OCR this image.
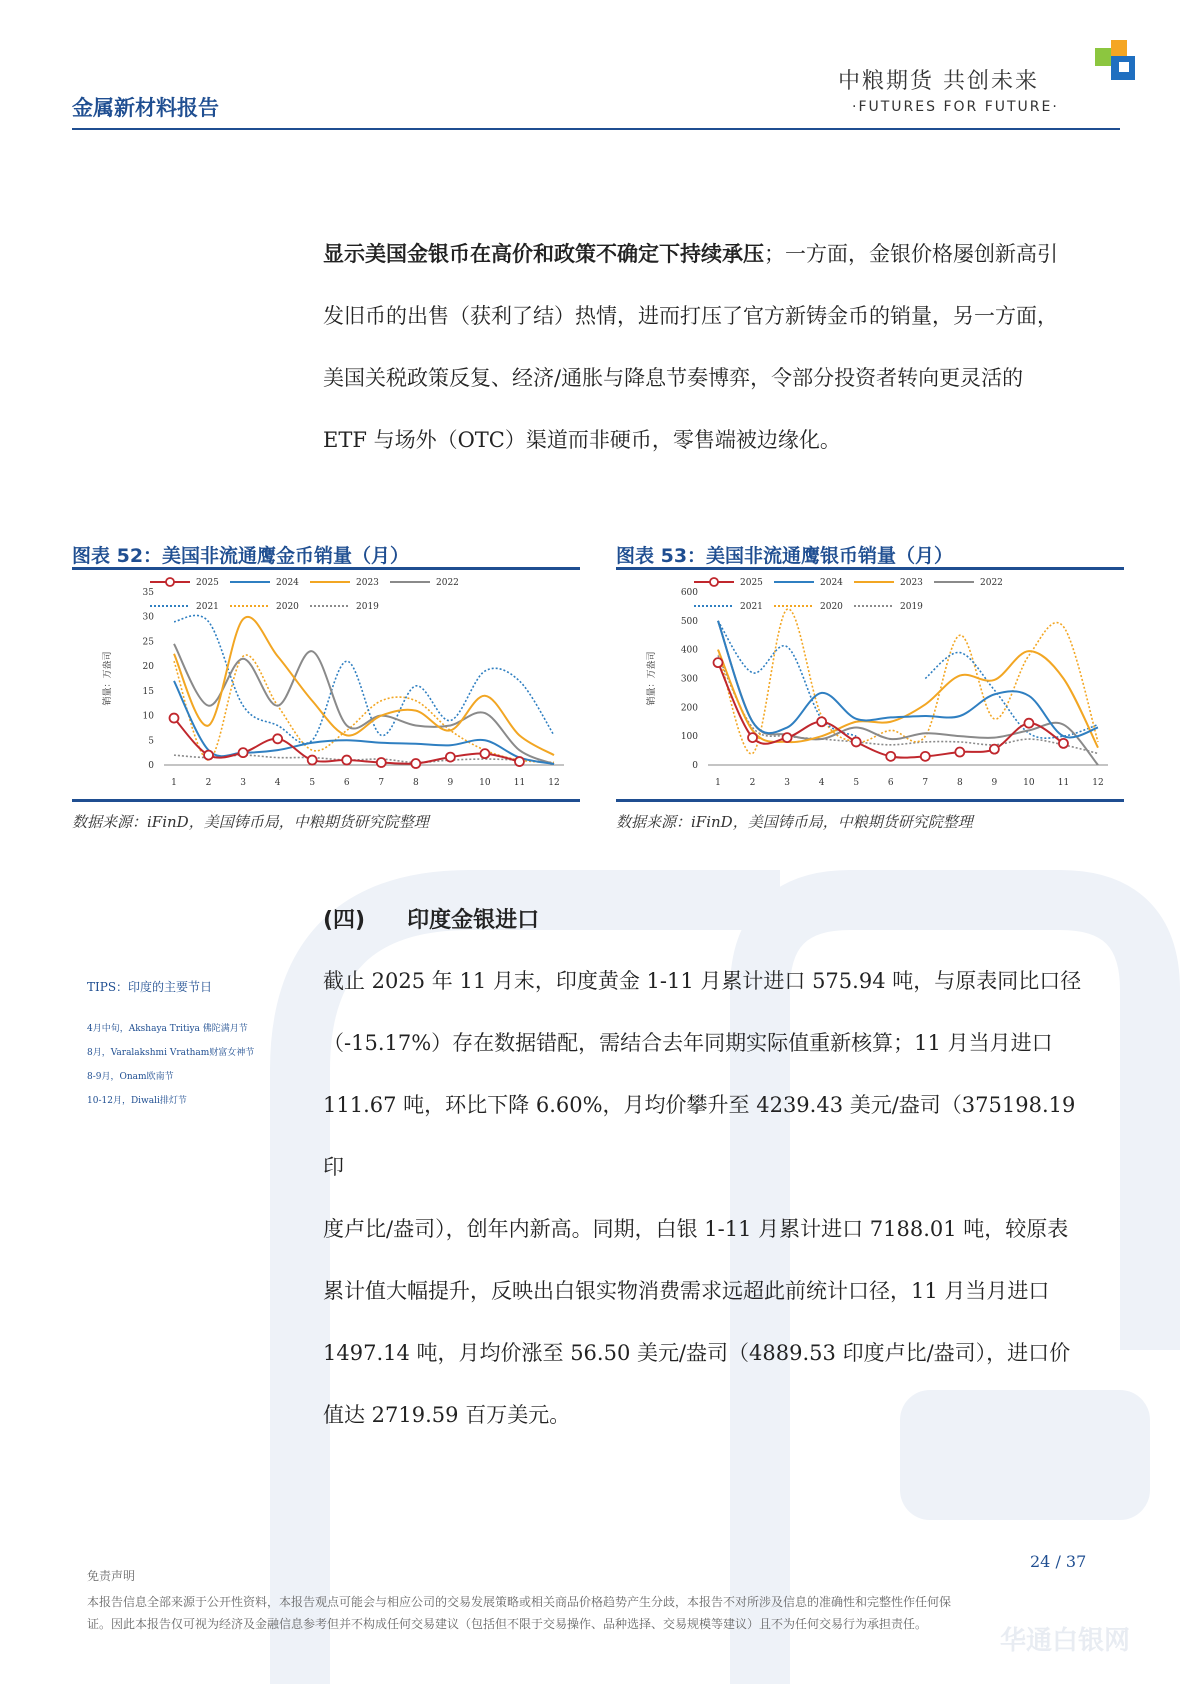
金属新材料报告
中粮期货 共创未来
·FUTURES FOR FUTURE·

显示美国金银币在高价和政策不确定下持续承压；一方面，金银价格屡创新高引

发旧币的出售（获利了结）热情，进而打压了官方新铸金币的销量，另一方面，

美国关税政策反复、经济/通胀与降息节奏博弈，令部分投资者转向更灵活的

ETF 与场外（OTC）渠道而非硬币，零售端被边缘化。

图表 52：美国非流通鹰金币销量（月）
0
5
10
15
20
25
30
35
1	2	3	4	5	6	7	8	9	10	11	12
销量：万盎司
2025	2024	2023	2022
2021	2020	2019
数据来源：iFinD，美国铸币局，中粮期货研究院整理
图表 53：美国非流通鹰银币销量（月）
0
100
200
300
400
500
600
1	2	3	4	5	6	7	8	9	10	11	12
销量：万盎司
2025	2024	2023	2022
2021	2020	2019
数据来源：iFinD，美国铸币局，中粮期货研究院整理
(四) 印度金银进口

截止 2025 年 11 月末，印度黄金 1-11 月累计进口 575.94 吨，与原表同比口径

（-15.17%）存在数据错配，需结合去年同期实际值重新核算；11 月当月进口

111.67 吨，环比下降 6.60%，月均价攀升至 4239.43 美元/盎司（375198.19 印

度卢比/盎司），创年内新高。同期，白银 1-11 月累计进口 7188.01 吨，较原表

累计值大幅提升，反映出白银实物消费需求远超此前统计口径，11 月当月进口

1497.14 吨，月均价涨至 56.50 美元/盎司（4889.53 印度卢比/盎司），进口价

值达 2719.59 百万美元。

TIPS：印度的主要节日
4月中旬，Akshaya Tritiya 佛陀满月节
8月，Varalakshmi Vratham财富女神节
8-9月，Onam欧南节
10-12月，Diwali排灯节
24 / 37
免责声明
本报告信息全部来源于公开性资料，本报告观点可能会与相应公司的交易发展策略或相关商品价格趋势产生分歧，本报告不对所涉及信息的准确性和完整性作任何保
证。因此本报告仅可视为经济及金融信息参考但并不构成任何交易建议（包括但不限于交易操作、品种选择、交易规模等建议）且不为任何交易行为承担责任。
华通白银网
